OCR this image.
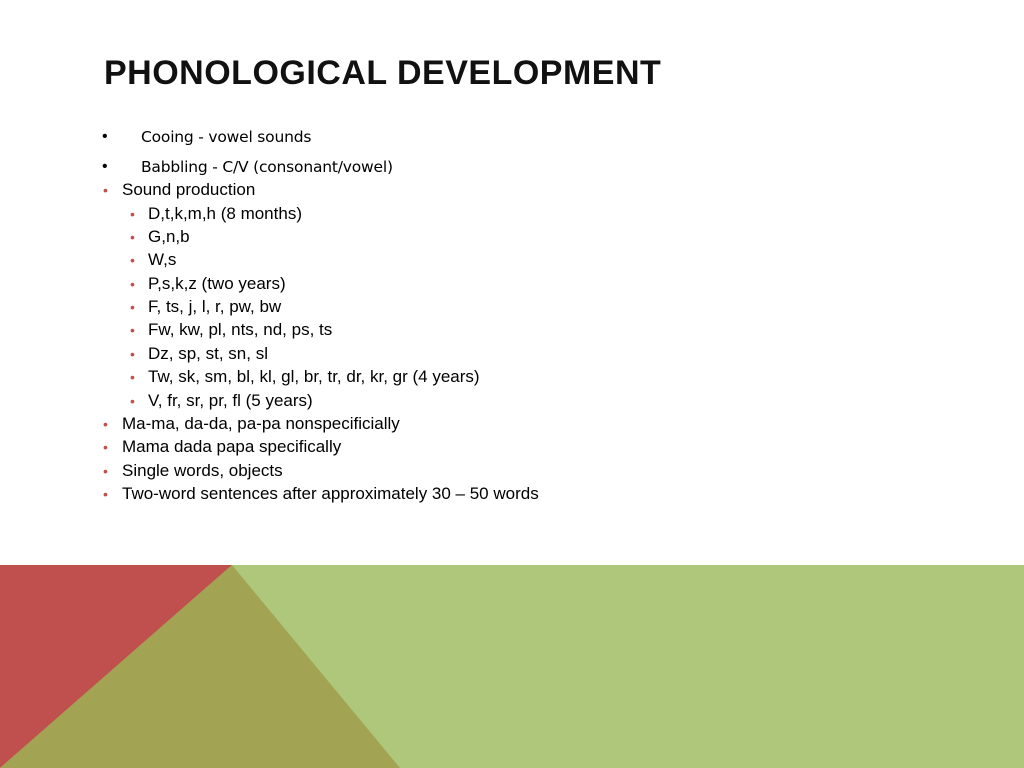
PHONOLOGICAL DEVELOPMENT
• Cooing - vowel sounds
• Babbling - C/V (consonant/vowel)
• Sound production
• D,t,k,m,h (8 months)
• G,n,b
• W,s
• P,s,k,z (two years)
• F, ts, j, l, r, pw, bw
• Fw, kw, pl, nts, nd, ps, ts
• Dz, sp, st, sn, sl
• Tw, sk, sm, bl, kl, gl, br, tr, dr, kr, gr (4 years)
• V, fr, sr, pr, fl (5 years)
• Ma-ma, da-da, pa-pa nonspecificially
• Mama dada papa specifically
• Single words, objects
• Two-word sentences after approximately 30 – 50 words
